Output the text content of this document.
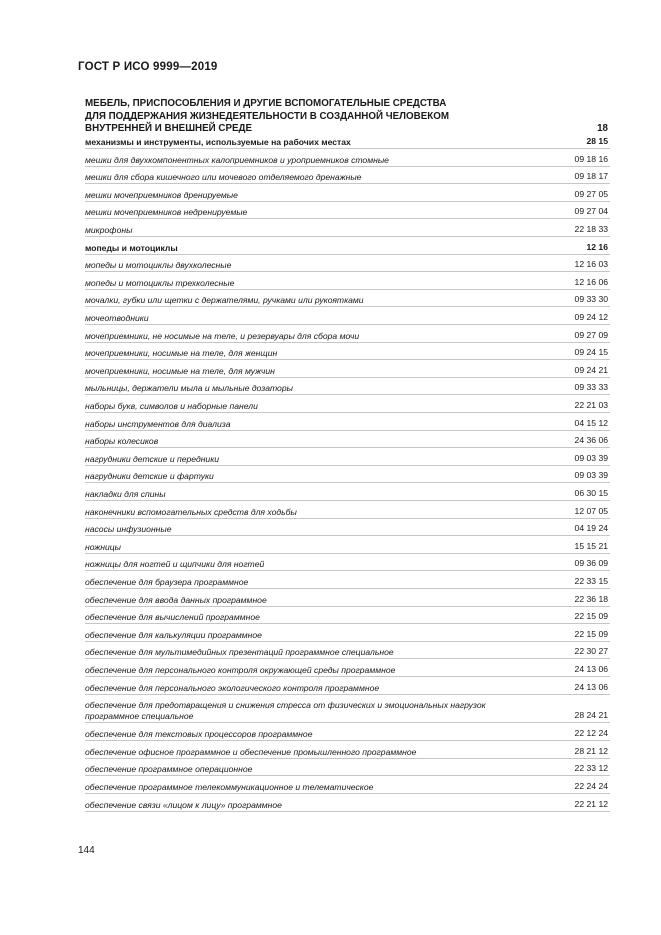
ГОСТ Р ИСО 9999—2019
МЕБЕЛЬ, ПРИСПОСОБЛЕНИЯ И ДРУГИЕ ВСПОМОГАТЕЛЬНЫЕ СРЕДСТВА
ДЛЯ ПОДДЕРЖАНИЯ ЖИЗНЕДЕЯТЕЛЬНОСТИ В СОЗДАННОЙ ЧЕЛОВЕКОМ
ВНУТРЕННЕЙ И ВНЕШНЕЙ СРЕДЕ	18
механизмы и инструменты, используемые на рабочих местах	28 15
мешки для двухкомпонентных калоприемников и уроприемников стомные	09 18 16
мешки для сбора кишечного или мочевого отделяемого дренажные	09 18 17
мешки мочеприемников дренируемые	09 27 05
мешки мочеприемников недренируемые	09 27 04
микрофоны	22 18 33
мопеды и мотоциклы	12 16
мопеды и мотоциклы двухколесные	12 16 03
мопеды и мотоциклы трехколесные	12 16 06
мочалки, губки или щетки с держателями, ручками или рукоятками	09 33 30
мочеотводники	09 24 12
мочеприемники, не носимые на теле, и резервуары для сбора мочи	09 27 09
мочеприемники, носимые на теле, для женщин	09 24 15
мочеприемники, носимые на теле, для мужчин	09 24 21
мыльницы, держатели мыла и мыльные дозаторы	09 33 33
наборы букв, символов и наборные панели	22 21 03
наборы инструментов для диализа	04 15 12
наборы колесиков	24 36 06
нагрудники детские и передники	09 03 39
нагрудники детские и фартуки	09 03 39
накладки для спины	06 30 15
наконечники вспомогательных средств для ходьбы	12 07 05
насосы инфузионные	04 19 24
ножницы	15 15 21
ножницы для ногтей и щипчики для ногтей	09 36 09
обеспечение для браузера программное	22 33 15
обеспечение для ввода данных программное	22 36 18
обеспечение для вычислений программное	22 15 09
обеспечение для калькуляции программное	22 15 09
обеспечение для мультимедийных презентаций программное специальное	22 30 27
обеспечение для персонального контроля окружающей среды программное	24 13 06
обеспечение для персонального экологического контроля программное	24 13 06
обеспечение для предотвращения и снижения стресса от физических и эмоциональных нагрузок программное специальное	28 24 21
обеспечение для текстовых процессоров программное	22 12 24
обеспечение офисное программное и обеспечение промышленного программное	28 21 12
обеспечение программное операционное	22 33 12
обеспечение программное телекоммуникационное и телематическое	22 24 24
обеспечение связи «лицом к лицу» программное	22 21 12
144
